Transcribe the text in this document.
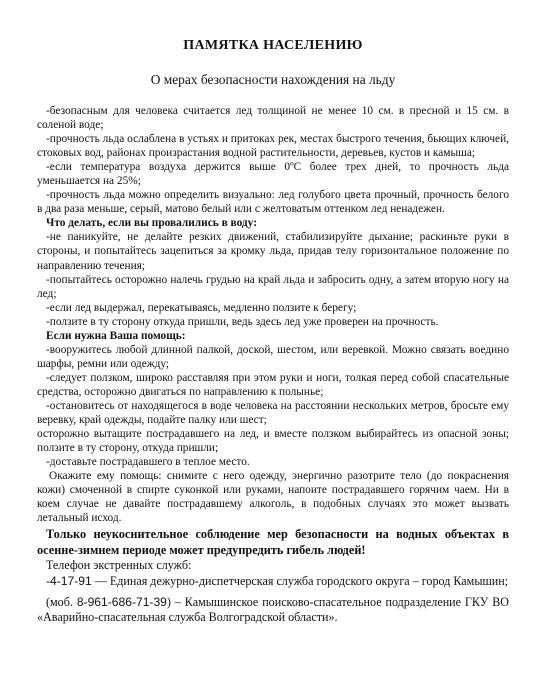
ПАМЯТКА НАСЕЛЕНИЮ

О мерах безопасности нахождения на льду

-безопасным для человека считается лед толщиной не менее 10 см. в пресной и 15 см. в соленой воде;

-прочность льда ослаблена в устьях и притоках рек, местах быстрого течения, бьющих ключей, стоковых вод, районах произрастания водной растительности, деревьев, кустов и камыша;

-если температура воздуха держится выше 0ºС более трех дней, то прочность льда уменьшается на 25%;

-прочность льда можно определить визуально: лед голубого цвета прочный, прочность белого в два раза меньше, серый, матово белый или с желтоватым оттенком лед ненадежен.

Что делать, если вы провалились в воду:

-не паникуйте, не делайте резких движений, стабилизируйте дыхание; раскиньте руки в стороны, и попытайтесь зацепиться за кромку льда, придав телу горизонтальное положение по направлению течения;

-попытайтесь осторожно налечь грудью на край льда и забросить одну, а затем вторую ногу на лед;

-если лед выдержал, перекатываясь, медленно ползите к берегу;

-ползите в ту сторону откуда пришли, ведь здесь лед уже проверен на прочность.

Если нужна Ваша помощь:

-вооружитесь любой длинной палкой, доской, шестом, или веревкой. Можно связать воедино шарфы, ремни или одежду;

-следует ползком, широко расставляя при этом руки и ноги, толкая перед собой спасательные средства, осторожно двигаться по направлению к полынье;

-остановитесь от находящегося в воде человека на расстоянии нескольких метров, бросьте ему веревку, край одежды, подайте палку или шест;

осторожно вытащите пострадавшего на лед, и вместе ползком выбирайтесь из опасной зоны; ползите в ту сторону, откуда пришли;

-доставьте пострадавшего в теплое место.

Окажите ему помощь: снимите с него одежду, энергично разотрите тело (до покраснения кожи) смоченной в спирте суконкой или руками, напоите пострадавшего горячим чаем. Ни в коем случае не давайте пострадавшему алкоголь, в подобных случаях это может вызвать летальный исход.

Только неукоснительное соблюдение мер безопасности на водных объектах в осенне-зимнем периоде может предупредить гибель людей!

Телефон экстренных служб:

-4-17-91 — Единая дежурно-диспетчерская служба городского округа – город Камышин;

(моб. 8-961-686-71-39) – Камышинское поисково-спасательное подразделение ГКУ ВО «Аварийно-спасательная служба Волгоградской области».
